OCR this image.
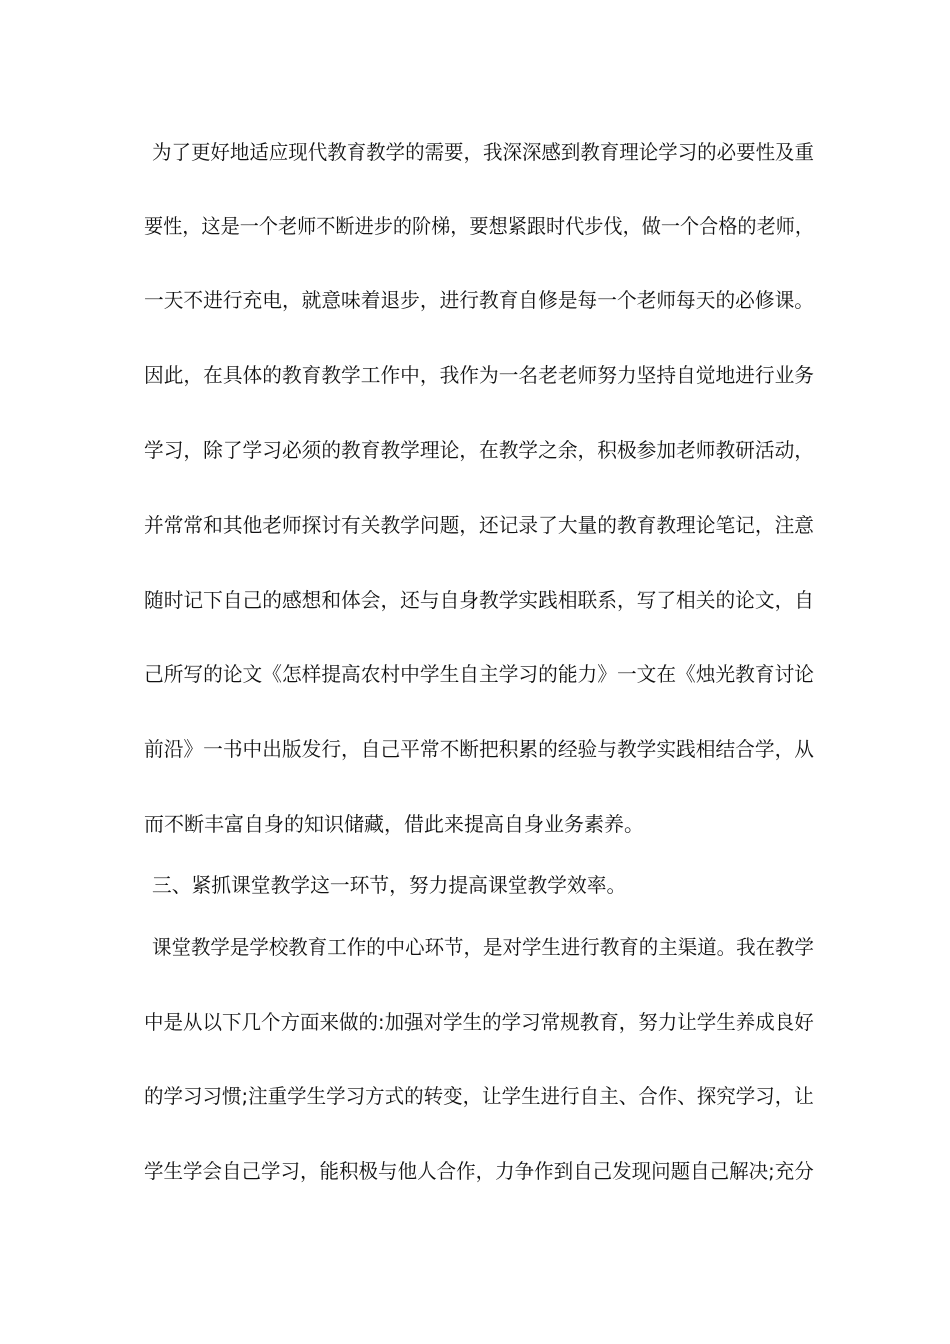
为了更好地适应现代教育教学的需要，我深深感到教育理论学习的必要性及重
要性，这是一个老师不断进步的阶梯，要想紧跟时代步伐，做一个合格的老师，
一天不进行充电，就意味着退步，进行教育自修是每一个老师每天的必修课。
因此，在具体的教育教学工作中，我作为一名老老师努力坚持自觉地进行业务
学习，除了学习必须的教育教学理论，在教学之余，积极参加老师教研活动，
并常常和其他老师探讨有关教学问题，还记录了大量的教育教理论笔记，注意
随时记下自己的感想和体会，还与自身教学实践相联系，写了相关的论文，自
己所写的论文《怎样提高农村中学生自主学习的能力》一文在《烛光教育讨论
前沿》一书中出版发行，自己平常不断把积累的经验与教学实践相结合学，从
而不断丰富自身的知识储藏，借此来提高自身业务素养。
三、紧抓课堂教学这一环节，努力提高课堂教学效率。
课堂教学是学校教育工作的中心环节，是对学生进行教育的主渠道。我在教学
中是从以下几个方面来做的:加强对学生的学习常规教育，努力让学生养成良好
的学习习惯;注重学生学习方式的转变，让学生进行自主、合作、探究学习，让
学生学会自己学习，能积极与他人合作，力争作到自己发现问题自己解决;充分
